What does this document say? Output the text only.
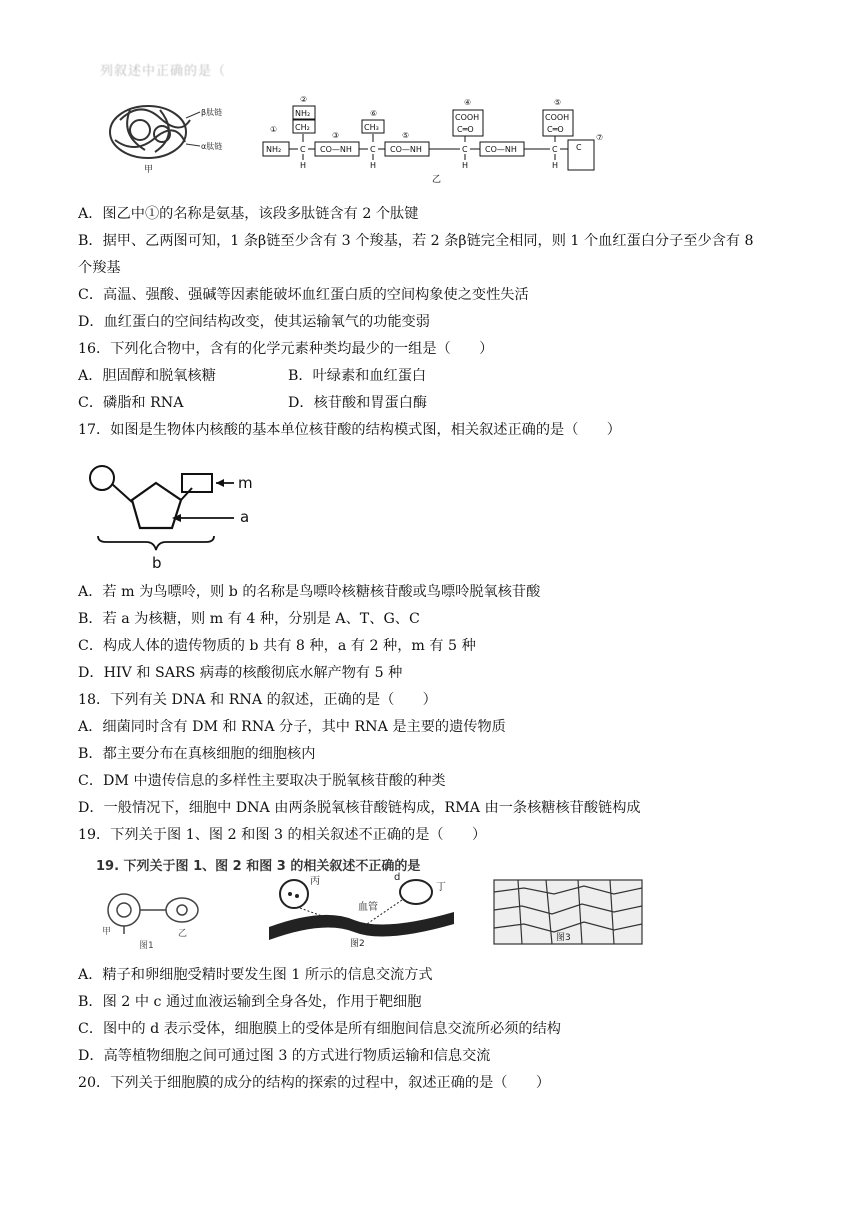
列叙述中正确的是（
β肽链
α肽链
甲
NH₂
①
C
CH₂
NH₂
②
H
CO—NH
③
C
CH₃
⑥
H
CO—NH
⑤
C
COOH
C═O
④
H
CO—NH	C
COOH
C═O
⑤
H
C
⑦
乙
A．图乙中①的名称是氨基，该段多肽链含有 2 个肽键
B．据甲、乙两图可知，1 条β链至少含有 3 个羧基，若 2 条β链完全相同，则 1 个血红蛋白分子至少含有 8
个羧基
C．高温、强酸、强碱等因素能破坏血红蛋白质的空间构象使之变性失活
D．血红蛋白的空间结构改变，使其运输氧气的功能变弱
16．下列化合物中，含有的化学元素种类均最少的一组是（　　）
A．胆固醇和脱氧核糖	B．叶绿素和血红蛋白
C．磷脂和 RNA	D．核苷酸和胃蛋白酶
17．如图是生物体内核酸的基本单位核苷酸的结构模式图，相关叙述正确的是（　　）
m
a
b
A．若 m 为鸟嘌呤，则 b 的名称是鸟嘌呤核糖核苷酸或鸟嘌呤脱氧核苷酸
B．若 a 为核糖，则 m 有 4 种，分别是 A、T、G、C
C．构成人体的遗传物质的 b 共有 8 种，a 有 2 种，m 有 5 种
D．HIV 和 SARS 病毒的核酸彻底水解产物有 5 种
18．下列有关 DNA 和 RNA 的叙述，正确的是（　　）
A．细菌同时含有 DM 和 RNA 分子，其中 RNA 是主要的遗传物质
B．都主要分布在真核细胞的细胞核内
C．DM 中遗传信息的多样性主要取决于脱氧核苷酸的种类
D．一般情况下，细胞中 DNA 由两条脱氧核苷酸链构成，RMA 由一条核糖核苷酸链构成
19．下列关于图 1、图 2 和图 3 的相关叙述不正确的是（　　）
19. 下列关于图 1、图 2 和图 3 的相关叙述不正确的是
甲	乙
图1
丙
丁
d
血管
图2
图3
A．精子和卵细胞受精时要发生图 1 所示的信息交流方式
B．图 2 中 c 通过血液运输到全身各处，作用于靶细胞
C．图中的 d 表示受体，细胞膜上的受体是所有细胞间信息交流所必须的结构
D．高等植物细胞之间可通过图 3 的方式进行物质运输和信息交流
20．下列关于细胞膜的成分的结构的探索的过程中，叙述正确的是（　　）
